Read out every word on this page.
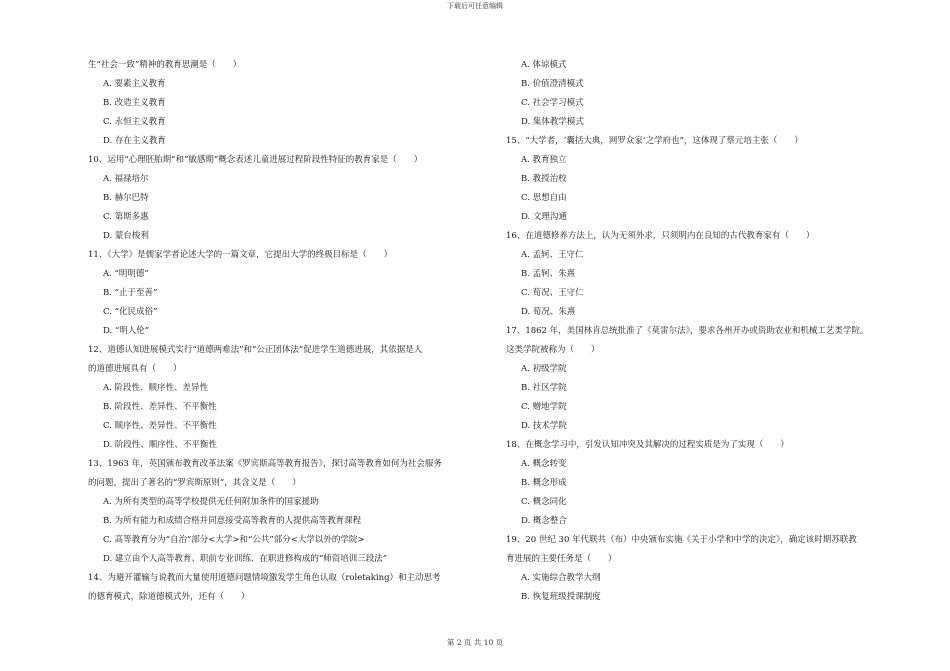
下载后可任意编辑
生“社会一致”精神的教育思潮是（　　）
A. 要素主义教育
B. 改造主义教育
C. 永恒主义教育
D. 存在主义教育
10、运用“心理胚胎期”和“敏感期”概念表述儿童进展过程阶段性特征的教育家是（　　）
A. 福禄培尔
B. 赫尔巴特
C. 第斯多惠
D. 蒙台梭利
11、《大学》是儒家学者论述大学的一篇文章，它提出大学的终极目标是（　　）
A. “明明德”
B. “止于至善”
C. “化民成俗”
D. “明人伦”
12、道德认知进展模式实行“道德两难法”和“公正团体法”促进学生道德进展，其依据是人
的道德进展具有（　　）
A. 阶段性、顺序性、差异性
B. 阶段性、差异性、不平衡性
C. 顺序性、差异性、不平衡性
D. 阶段性、顺序性、不平衡性
13、1963 年，英国颁布教育改革法案《罗宾斯高等教育报告》，探讨高等教育如何为社会服务
的问题，提出了著名的“罗宾斯原则”，其含义是（　　）
A. 为所有类型的高等学校提供无任何附加条件的国家援助
B. 为所有能力和成绩合格并同意接受高等教育的人提供高等教育课程
C. 高等教育分为“自治”部分<大学>和“公共”部分<大学以外的学院>
D. 建立由个人高等教育、职前专业训练、在职进修构成的“师资培训三段法”
14、为避开灌输与说教而大量使用道德问题情境激发学生角色认取（roletaking）和主动思考
的德育模式，除道德模式外，还有（　　）
A. 体谅模式
B. 价值澄清模式
C. 社会学习模式
D. 集体教学模式
15、“大学者，‘囊括大典，网罗众家’之学府也”，这体现了蔡元培主张（　　）
A. 教育独立
B. 教授治校
C. 思想自由
D. 文理沟通
16、在道德修养方法上，认为无须外求，只须明内在良知的古代教育家有（　　）
A. 孟轲、王守仁
B. 孟轲、朱熹
C. 荀况、王守仁
D. 荀况、朱熹
17、1862 年，美国林肯总统批准了《莫雷尔法》，要求各州开办或资助农业和机械工艺类学院。
这类学院被称为（　　）
A. 初级学院
B. 社区学院
C. 赠地学院
D. 技术学院
18、在概念学习中，引发认知冲突及其解决的过程实质是为了实现（　　）
A. 概念转变
B. 概念形成
C. 概念同化
D. 概念整合
19、20 世纪 30 年代联共（布）中央颁布实施《关于小学和中学的决定》，确定该时期苏联教
育进展的主要任务是（　　）
A. 实施综合教学大纲
B. 恢复班级授课制度
第 2 页 共 10 页
